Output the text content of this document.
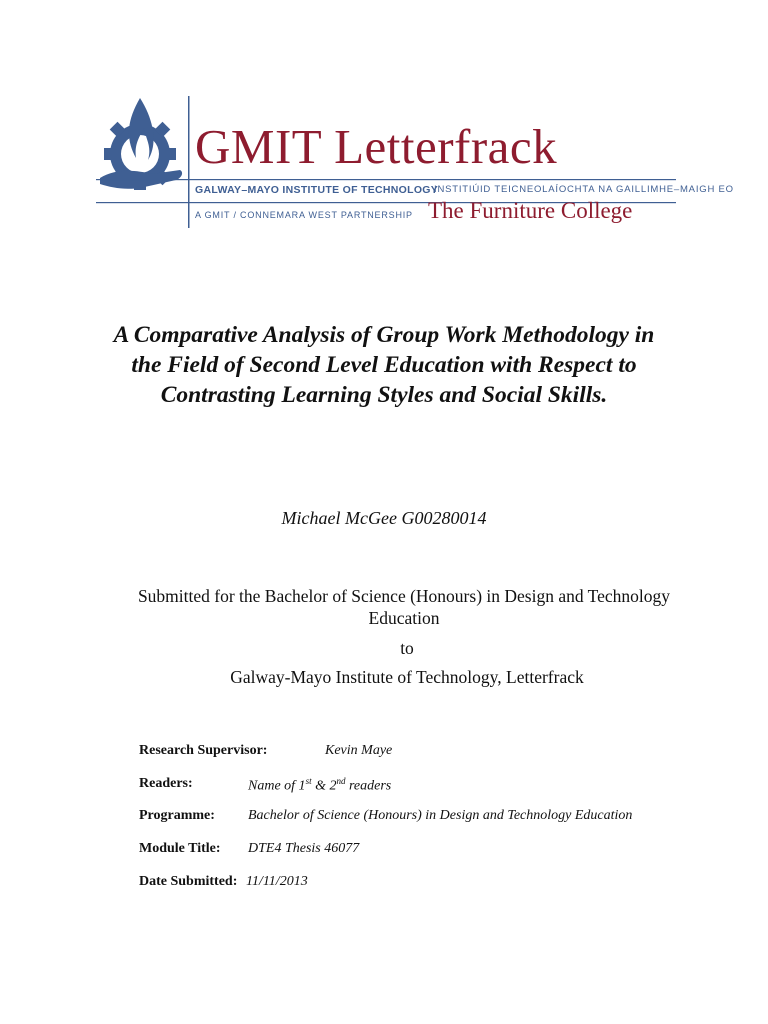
GMIT Letterfrack
GALWAY–MAYO INSTITUTE OF TECHNOLOGY
INSTITIÚID TEICNEOLAÍOCHTA NA GAILLIMHE–MAIGH EO
A GMIT / CONNEMARA WEST PARTNERSHIP The Furniture College
A Comparative Analysis of Group Work Methodology in the Field of Second Level Education with Respect to Contrasting Learning Styles and Social Skills.
Michael McGee G00280014
Submitted for the Bachelor of Science (Honours) in Design and Technology Education
to
Galway-Mayo Institute of Technology, Letterfrack
Research Supervisor:	Kevin Maye
Readers:	Name of 1st & 2nd readers
Programme: Bachelor of Science (Honours) in Design and Technology Education
Module Title: DTE4 Thesis 46077
Date Submitted: 11/11/2013
